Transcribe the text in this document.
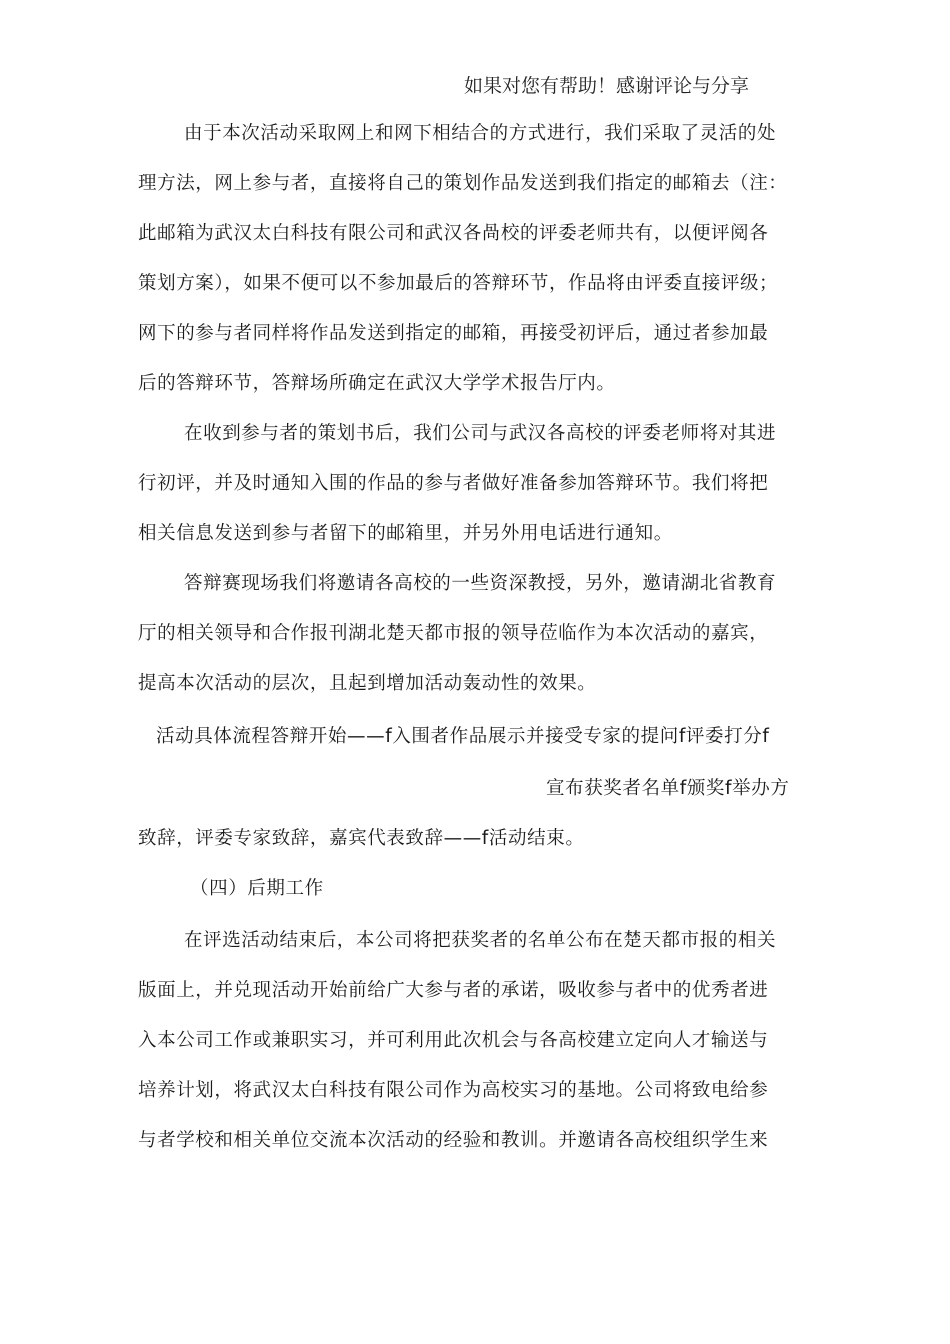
如果对您有帮助！感谢评论与分享
由于本次活动采取网上和网下相结合的方式进行，我们采取了灵活的处
理方法，网上参与者，直接将自己的策划作品发送到我们指定的邮箱去（注：
此邮箱为武汉太白科技有限公司和武汉各咼校的评委老师共有，以便评阅各
策划方案），如果不便可以不参加最后的答辩环节，作品将由评委直接评级；
网下的参与者同样将作品发送到指定的邮箱，再接受初评后，通过者参加最
后的答辩环节，答辩场所确定在武汉大学学术报告厅内。
在收到参与者的策划书后，我们公司与武汉各高校的评委老师将对其进
行初评，并及时通知入围的作品的参与者做好准备参加答辩环节。我们将把
相关信息发送到参与者留下的邮箱里，并另外用电话进行通知。
答辩赛现场我们将邀请各高校的一些资深教授，另外，邀请湖北省教育
厅的相关领导和合作报刊湖北楚天都市报的领导莅临作为本次活动的嘉宾，
提高本次活动的层次，且起到增加活动轰动性的效果。
活动具体流程答辩开始——f入围者作品展示并接受专家的提问f评委打分f
宣布获奖者名单f颁奖f举办方
致辞，评委专家致辞，嘉宾代表致辞——f活动结束。
（四）后期工作
在评选活动结束后，本公司将把获奖者的名单公布在楚天都市报的相关
版面上，并兑现活动开始前给广大参与者的承诺，吸收参与者中的优秀者进
入本公司工作或兼职实习，并可利用此次机会与各高校建立定向人才输送与
培养计划，将武汉太白科技有限公司作为高校实习的基地。公司将致电给参
与者学校和相关单位交流本次活动的经验和教训。并邀请各高校组织学生来
